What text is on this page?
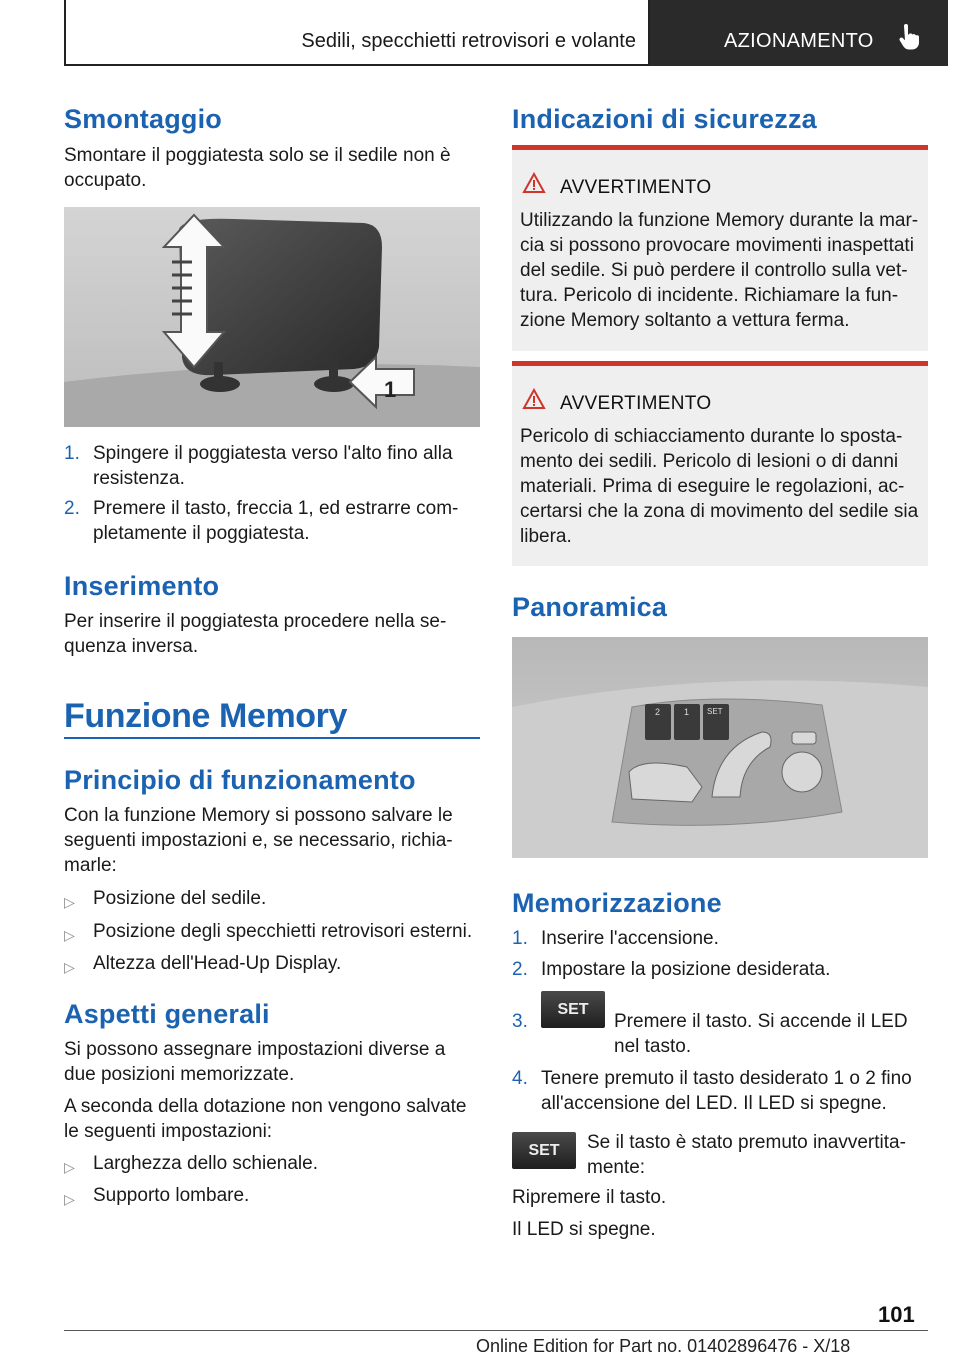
Sedili, specchietti retrovisori e volante	AZIONAMENTO
Smontaggio

Smontare il poggiatesta solo se il sedile non è occupato.

1
1. Spingere il poggiatesta verso l'alto fino alla resistenza.
2. Premere il tasto, freccia 1, ed estrarre com-pletamente il poggiatesta.
Inserimento

Per inserire il poggiatesta procedere nella se-quenza inversa.

Funzione Memory
Principio di funzionamento

Con la funzione Memory si possono salvare le seguenti impostazioni e, se necessario, richia-marle:

▷ Posizione del sedile.
▷ Posizione degli specchietti retrovisori esterni.
▷ Altezza dell'Head-Up Display.
Aspetti generali

Si possono assegnare impostazioni diverse a due posizioni memorizzate.

A seconda della dotazione non vengono salvate le seguenti impostazioni:

▷ Larghezza dello schienale.
▷ Supporto lombare.
Indicazioni di sicurezza
AVVERTIMENTO

Utilizzando la funzione Memory durante la mar-cia si possono provocare movimenti inaspettati del sedile. Si può perdere il controllo sulla vet-tura. Pericolo di incidente. Richiamare la fun-zione Memory soltanto a vettura ferma.

AVVERTIMENTO

Pericolo di schiacciamento durante lo sposta-mento dei sedili. Pericolo di lesioni o di danni materiali. Prima di eseguire le regolazioni, ac-certarsi che la zona di movimento del sedile sia libera.

Panoramica
2	1 SET
Memorizzazione
1. Inserire l'accensione.
2. Impostare la posizione desiderata.
SET
3.	Premere il tasto. Si accende il LED nel tasto.
4. Tenere premuto il tasto desiderato 1 o 2 fino all'accensione del LED. Il LED si spegne.
SET	Se il tasto è stato premuto inavvertita-mente:

Ripremere il tasto.

Il LED si spegne.

101
Online Edition for Part no. 01402896476 - X/18
